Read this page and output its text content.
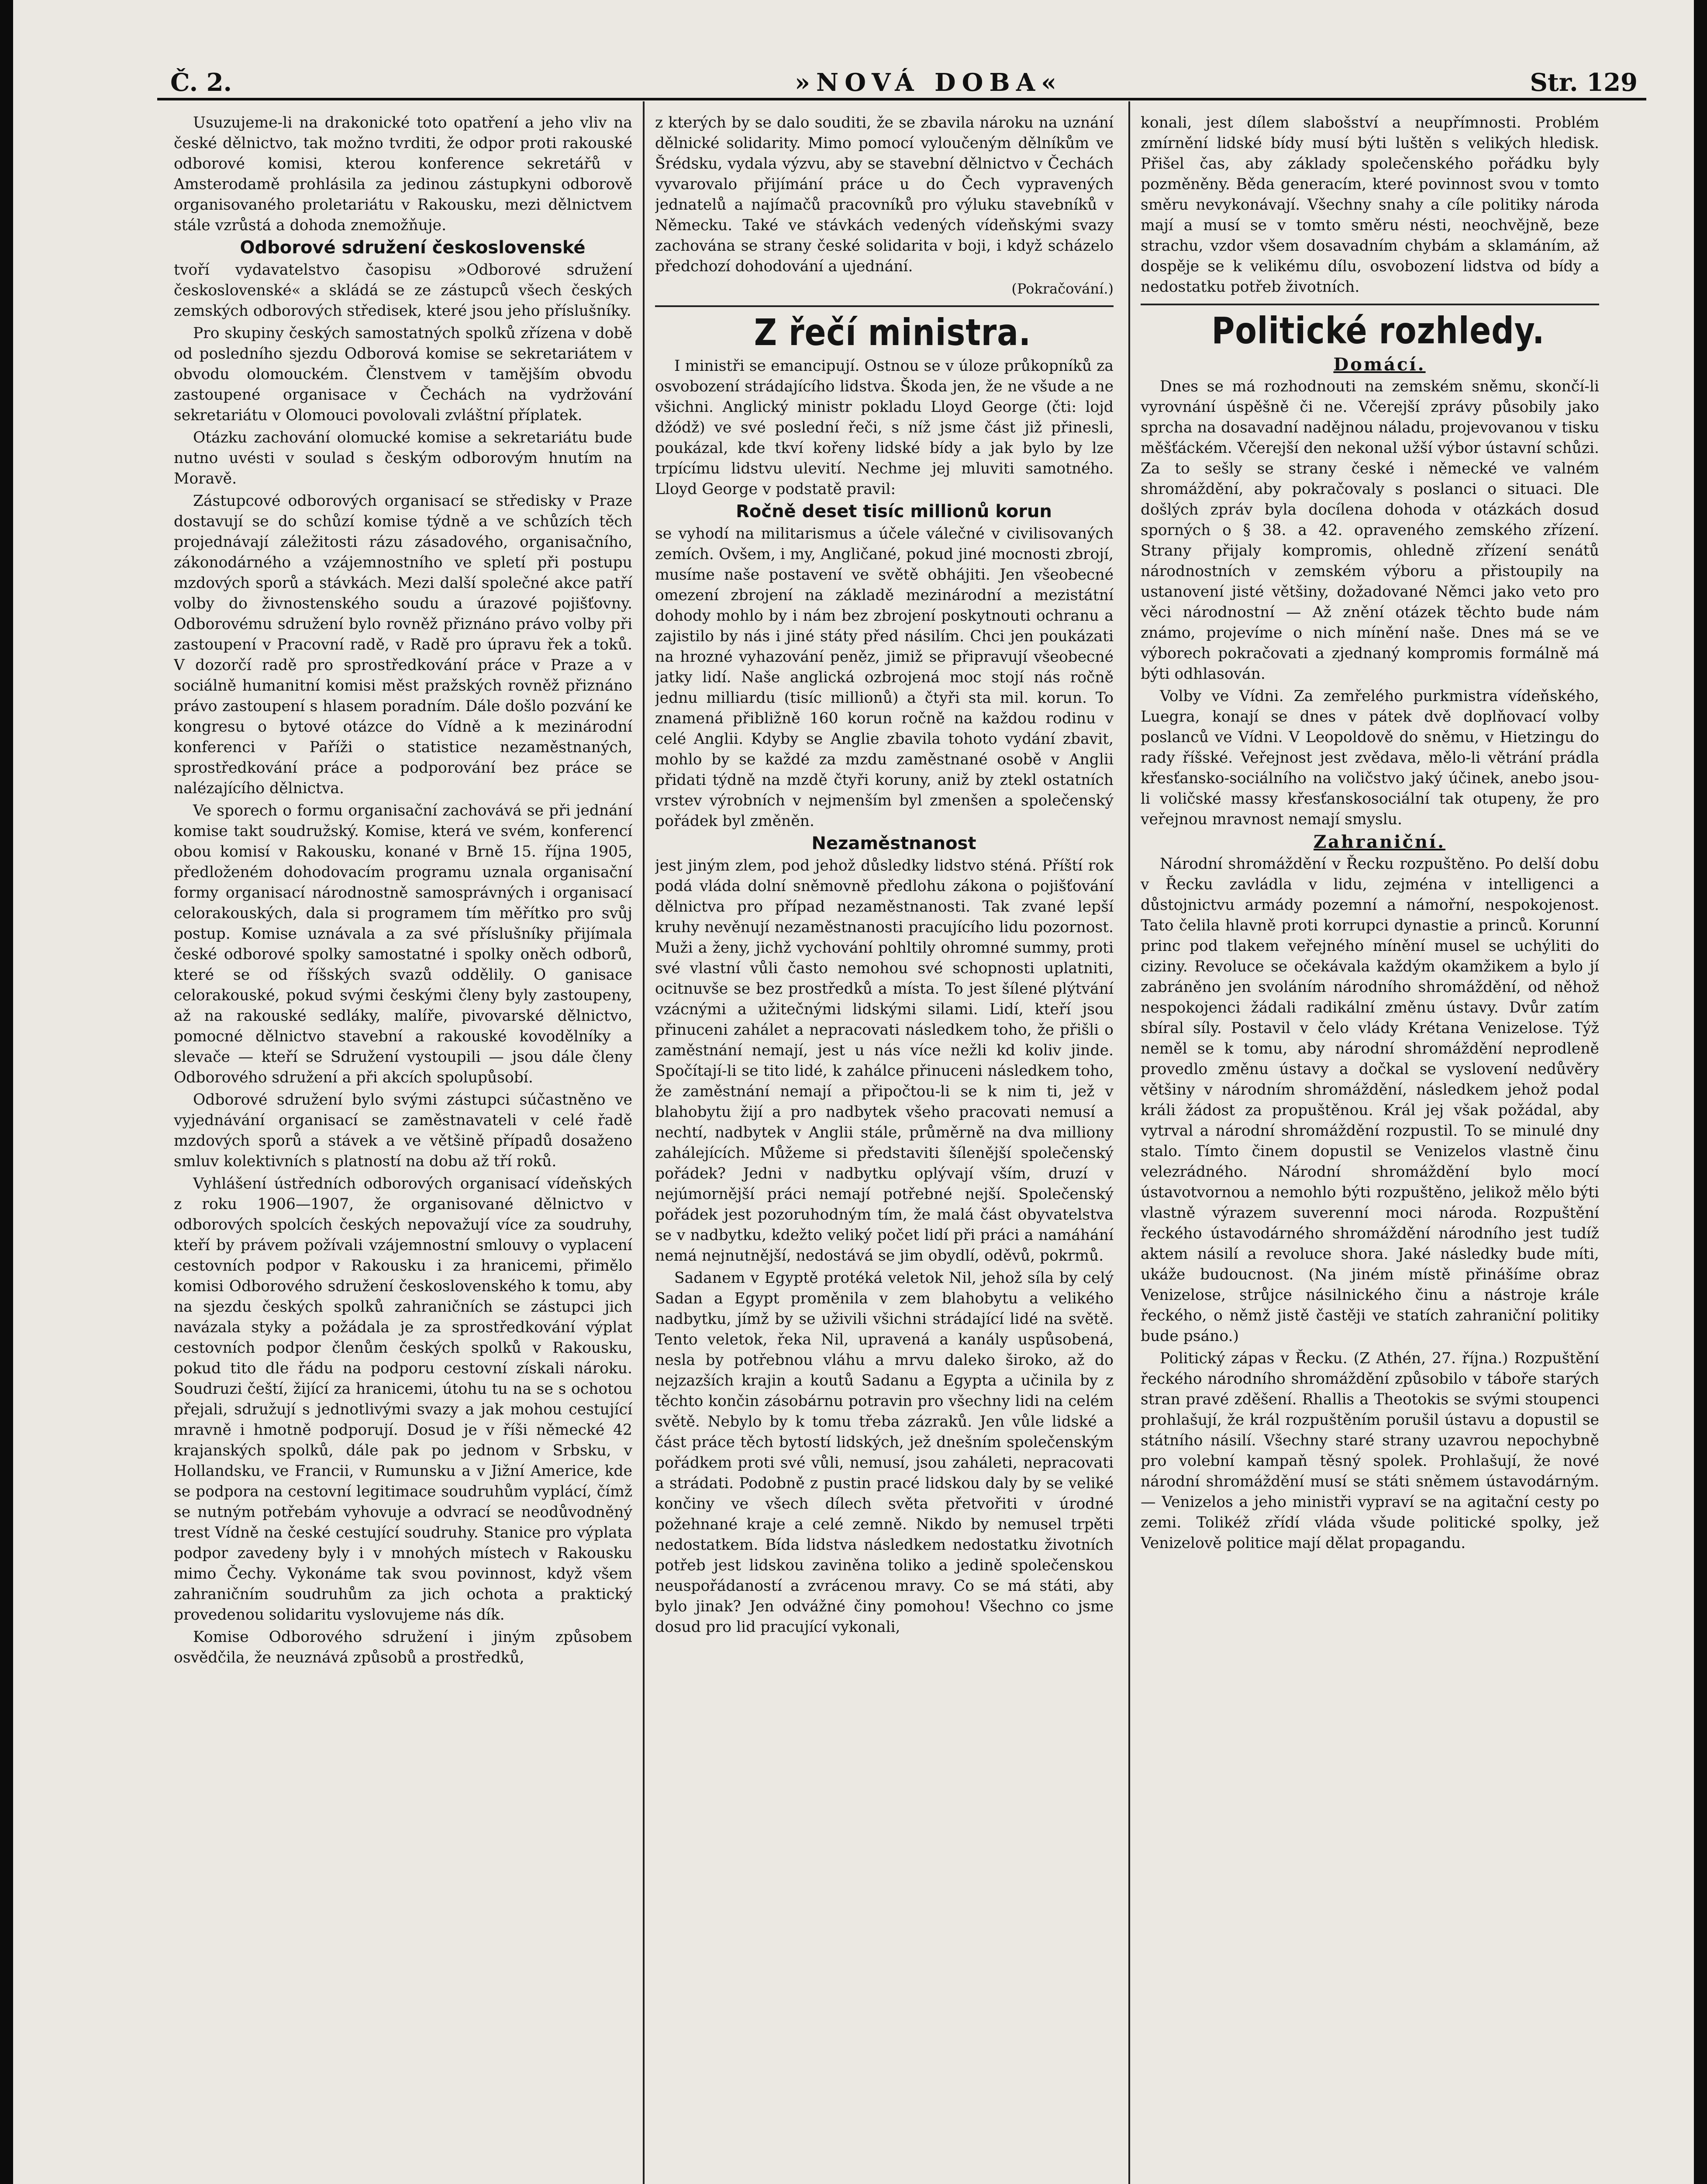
Č. 2.	»NOVÁ DOBA«	Str. 129

Usuzujeme-li na drakonické toto opatření a jeho vliv na české dělnictvo, tak možno tvrditi, že odpor proti rakouské odborové komisi, kterou konference sekretářů v Amsterodamě prohlásila za jedinou zástupkyni odborově organisovaného proletariátu v Rakousku, mezi dělnictvem stále vzrůstá a dohoda znemožňuje.

Odborové sdružení československé

tvoří vydavatelstvo časopisu »Odborové sdružení československé« a skládá se ze zástupců všech českých zemských odborových středisek, které jsou jeho příslušníky.

Pro skupiny českých samostatných spolků zřízena v době od posledního sjezdu Odborová komise se sekretariátem v obvodu olomouckém. Členstvem v tamějším obvodu zastoupené organisace v Čechách na vydržování sekretariátu v Olomouci povolovali zvláštní příplatek.

Otázku zachování olomucké komise a sekretariátu bude nutno uvésti v soulad s českým odborovým hnutím na Moravě.

Zástupcové odborových organisací se středisky v Praze dostavují se do schůzí komise týdně a ve schůzích těch projednávají záležitosti rázu zásadového, organisačního, zákonodárného a vzájemnostního ve spletí při postupu mzdových sporů a stávkách. Mezi další společné akce patří volby do živnostenského soudu a úrazové pojišťovny. Odborovému sdružení bylo rovněž přiznáno právo volby při zastoupení v Pracovní radě, v Radě pro úpravu řek a toků. V dozorčí radě pro sprostředkování práce v Praze a v sociálně humanitní komisi měst pražských rovněž přiznáno právo zastoupení s hlasem poradním. Dále došlo pozvání ke kongresu o bytové otázce do Vídně a k mezinárodní konferenci v Paříži o statistice nezaměstnaných, sprostředkování práce a podporování bez práce se nalézajícího dělnictva.

Ve sporech o formu organisační zachovává se při jednání komise takt soudružský. Komise, která ve svém, konferencí obou komisí v Rakousku, konané v Brně 15. října 1905, předloženém dohodovacím programu uznala organisační formy organisací národnostně samosprávných i organisací celorakouských, dala si programem tím měřítko pro svůj postup. Komise uznávala a za své příslušníky přijímala české odborové spolky samostatné i spolky oněch odborů, které se od říšských svazů oddělily. O ganisace celorakouské, pokud svými českými členy byly zastoupeny, až na rakouské sedláky, malíře, pivovarské dělnictvo, pomocné dělnictvo stavební a rakouské kovodělníky a slevače — kteří se Sdružení vystoupili — jsou dále členy Odborového sdružení a při akcích spolupůsobí.

Odborové sdružení bylo svými zástupci súčastněno ve vyjednávání organisací se zaměstnavateli v celé řadě mzdových sporů a stávek a ve většině případů dosaženo smluv kolektivních s platností na dobu až tří roků.

Vyhlášení ústředních odborových organisací vídeňských z roku 1906—1907, že organisované dělnictvo v odborových spolcích českých nepovažují více za soudruhy, kteří by právem požívali vzájemnostní smlouvy o vyplacení cestovních podpor v Rakousku i za hranicemi, přimělo komisi Odborového sdružení československého k tomu, aby na sjezdu českých spolků zahraničních se zástupci jich navázala styky a požádala je za sprostředkování výplat cestovních podpor členům českých spolků v Rakousku, pokud tito dle řádu na podporu cestovní získali nároku. Soudruzi čeští, žijící za hranicemi, útohu tu na se s ochotou přejali, sdružují s jednotlivými svazy a jak mohou cestující mravně i hmotně podporují. Dosud je v říši německé 42 krajanských spolků, dále pak po jednom v Srbsku, v Hollandsku, ve Francii, v Rumunsku a v Jižní Americe, kde se podpora na cestovní legitimace soudruhům vyplácí, čímž se nutným potřebám vyhovuje a odvrací se neodůvodněný trest Vídně na české cestující soudruhy. Stanice pro výplata podpor zavedeny byly i v mnohých místech v Rakousku mimo Čechy. Vykonáme tak svou povinnost, když všem zahraničním soudruhům za jich ochota a praktický provedenou solidaritu vyslovujeme nás dík.

Komise Odborového sdružení i jiným způsobem osvědčila, že neuznává způsobů a prostředků,

z kterých by se dalo souditi, že se zbavila nároku na uznání dělnické solidarity. Mimo pomocí vyloučeným dělníkům ve Šrédsku, vydala výzvu, aby se stavební dělnictvo v Čechách vyvarovalo přijímání práce u do Čech vypravených jednatelů a najímačů pracovníků pro výluku stavebníků v Německu. Také ve stávkách vedených vídeňskými svazy zachována se strany české solidarita v boji, i když scházelo předchozí dohodování a ujednání.

(Pokračování.)

Z řečí ministra.

I ministři se emancipují. Ostnou se v úloze průkopníků za osvobození strádajícího lidstva. Škoda jen, že ne všude a ne všichni. Anglický ministr pokladu Lloyd George (čti: lojd džódž) ve své poslední řeči, s níž jsme část již přinesli, poukázal, kde tkví kořeny lidské bídy a jak bylo by lze trpícímu lidstvu ulevití. Nechme jej mluviti samotného. Lloyd George v podstatě pravil:

Ročně deset tisíc millionů korun

se vyhodí na militarismus a účele válečné v civilisovaných zemích. Ovšem, i my, Angličané, pokud jiné mocnosti zbrojí, musíme naše postavení ve světě obhájiti. Jen všeobecné omezení zbrojení na základě mezinárodní a mezistátní dohody mohlo by i nám bez zbrojení poskytnouti ochranu a zajistilo by nás i jiné státy před násilím. Chci jen poukázati na hrozné vyhazování peněz, jimiž se připravují všeobecné jatky lidí. Naše anglická ozbrojená moc stojí nás ročně jednu milliardu (tisíc millionů) a čtyři sta mil. korun. To znamená přibližně 160 korun ročně na každou rodinu v celé Anglii. Kdyby se Anglie zbavila tohoto vydání zbavit, mohlo by se každé za mzdu zaměstnané osobě v Anglii přidati týdně na mzdě čtyři koruny, aniž by ztekl ostatních vrstev výrobních v nejmenším byl zmenšen a společenský pořádek byl změněn.

Nezaměstnanost

jest jiným zlem, pod jehož důsledky lidstvo sténá. Příští rok podá vláda dolní sněmovně předlohu zákona o pojišťování dělnictva pro případ nezaměstnanosti. Tak zvané lepší kruhy nevěnují nezaměstnanosti pracujícího lidu pozornost. Muži a ženy, jichž vychování pohltily ohromné summy, proti své vlastní vůli často nemohou své schopnosti uplatniti, ocitnuvše se bez prostředků a místa. To jest šílené plýtvání vzácnými a užitečnými lidskými silami. Lidí, kteří jsou přinuceni zahálet a nepracovati následkem toho, že přišli o zaměstnání nemají, jest u nás více nežli kd koliv jinde. Spočítají-li se tito lidé, k zahálce přinuceni následkem toho, že zaměstnání nemají a připočtou-li se k nim ti, jež v blahobytu žijí a pro nadbytek všeho pracovati nemusí a nechtí, nadbytek v Anglii stále, průměrně na dva milliony zahálejících. Můžeme si představiti šílenější společenský pořádek? Jedni v nadbytku oplývají vším, druzí v nejúmornější práci nemají potřebné nejší. Společenský pořádek jest pozoruhodným tím, že malá část obyvatelstva se v nadbytku, kdežto veliký počet lidí při práci a namáhání nemá nejnutnější, nedostává se jim obydlí, oděvů, pokrmů.

Sadanem v Egyptě protéká veletok Nil, jehož síla by celý Sadan a Egypt proměnila v zem blahobytu a velikého nadbytku, jímž by se uživili všichni strádající lidé na světě. Tento veletok, řeka Nil, upravená a kanály uspůsobená, nesla by potřebnou vláhu a mrvu daleko široko, až do nejzazších krajin a koutů Sadanu a Egypta a učinila by z těchto končin zásobárnu potravin pro všechny lidi na celém světě. Nebylo by k tomu třeba zázraků. Jen vůle lidské a část práce těch bytostí lidských, jež dnešním společenským pořádkem proti své vůli, nemusí, jsou zaháleti, nepracovati a strádati. Podobně z pustin pracé lidskou daly by se veliké končiny ve všech dílech světa přetvořiti v úrodné požehnané kraje a celé zemně. Nikdo by nemusel trpěti nedostatkem. Bída lidstva následkem nedostatku životních potřeb jest lidskou zaviněna toliko a jedině společenskou neuspořádaností a zvrácenou mravy. Co se má státi, aby bylo jinak? Jen odvážné činy pomohou! Všechno co jsme dosud pro lid pracující vykonali,

konali, jest dílem slabošství a neupřímnosti. Problém zmírnění lidské bídy musí býti luštěn s velikých hledisk. Přišel čas, aby základy společenského pořádku byly pozměněny. Běda generacím, které povinnost svou v tomto směru nevykonávají. Všechny snahy a cíle politiky národa mají a musí se v tomto směru nésti, neochvějně, beze strachu, vzdor všem dosavadním chybám a sklamáním, až dospěje se k velikému dílu, osvobození lidstva od bídy a nedostatku potřeb životních.

Politické rozhledy.

Domácí.

Dnes se má rozhodnouti na zemském sněmu, skončí-li vyrovnání úspěšně či ne. Včerejší zprávy působily jako sprcha na dosavadní nadějnou náladu, projevovanou v tisku měšťáckém. Včerejší den nekonal užší výbor ústavní schůzi. Za to sešly se strany české i německé ve valném shromáždění, aby pokračovaly s poslanci o situaci. Dle došlých zpráv byla docílena dohoda v otázkách dosud sporných o § 38. a 42. opraveného zemského zřízení. Strany přijaly kompromis, ohledně zřízení senátů národnostních v zemském výboru a přistoupily na ustanovení jisté většiny, dožadované Němci jako veto pro věci národnostní — Až znění otázek těchto bude nám známo, projevíme o nich mínění naše. Dnes má se ve výborech pokračovati a zjednaný kompromis formálně má býti odhlasován.

Volby ve Vídni. Za zemřelého purkmistra vídeňského, Luegra, konají se dnes v pátek dvě doplňovací volby poslanců ve Vídni. V Leopoldově do sněmu, v Hietzingu do rady říšské. Veřejnost jest zvědava, mělo-li větrání prádla křesťansko-sociálního na voličstvo jaký účinek, anebo jsou-li voličské massy křesťanskosociální tak otupeny, že pro veřejnou mravnost nemají smyslu.

Zahraniční.

Národní shromáždění v Řecku rozpuštěno. Po delší dobu v Řecku zavládla v lidu, zejména v intelligenci a důstojnictvu armády pozemní a námořní, nespokojenost. Tato čelila hlavně proti korrupci dynastie a princů. Korunní princ pod tlakem veřejného mínění musel se uchýliti do ciziny. Revoluce se očekávala každým okamžikem a bylo jí zabráněno jen svoláním národního shromáždění, od něhož nespokojenci žádali radikální změnu ústavy. Dvůr zatím sbíral síly. Postavil v čelo vlády Krétana Venizelose. Týž neměl se k tomu, aby národní shromáždění neprodleně provedlo změnu ústavy a dočkal se vyslovení nedůvěry většiny v národním shromáždění, následkem jehož podal králi žádost za propuštěnou. Král jej však požádal, aby vytrval a národní shromáždění rozpustil. To se minulé dny stalo. Tímto činem dopustil se Venizelos vlastně činu velezrádného. Národní shromáždění bylo mocí ústavotvornou a nemohlo býti rozpuštěno, jelikož mělo býti vlastně výrazem suverenní moci národa. Rozpuštění řeckého ústavodárného shromáždění národního jest tudíž aktem násilí a revoluce shora. Jaké následky bude míti, ukáže budoucnost. (Na jiném místě přinášíme obraz Venizelose, strůjce násilnického činu a nástroje krále řeckého, o němž jistě častěji ve statích zahraniční politiky bude psáno.)

Politický zápas v Řecku. (Z Athén, 27. října.) Rozpuštění řeckého národního shromáždění způsobilo v táboře starých stran pravé zděšení. Rhallis a Theotokis se svými stoupenci prohlašují, že král rozpuštěním porušil ústavu a dopustil se státního násilí. Všechny staré strany uzavrou nepochybně pro volební kampaň těsný spolek. Prohlašují, že nové národní shromáždění musí se státi sněmem ústavodárným. — Venizelos a jeho ministři vypraví se na agitační cesty po zemi. Tolikéž zřídí vláda všude politické spolky, jež Venizelově politice mají dělat propagandu.
